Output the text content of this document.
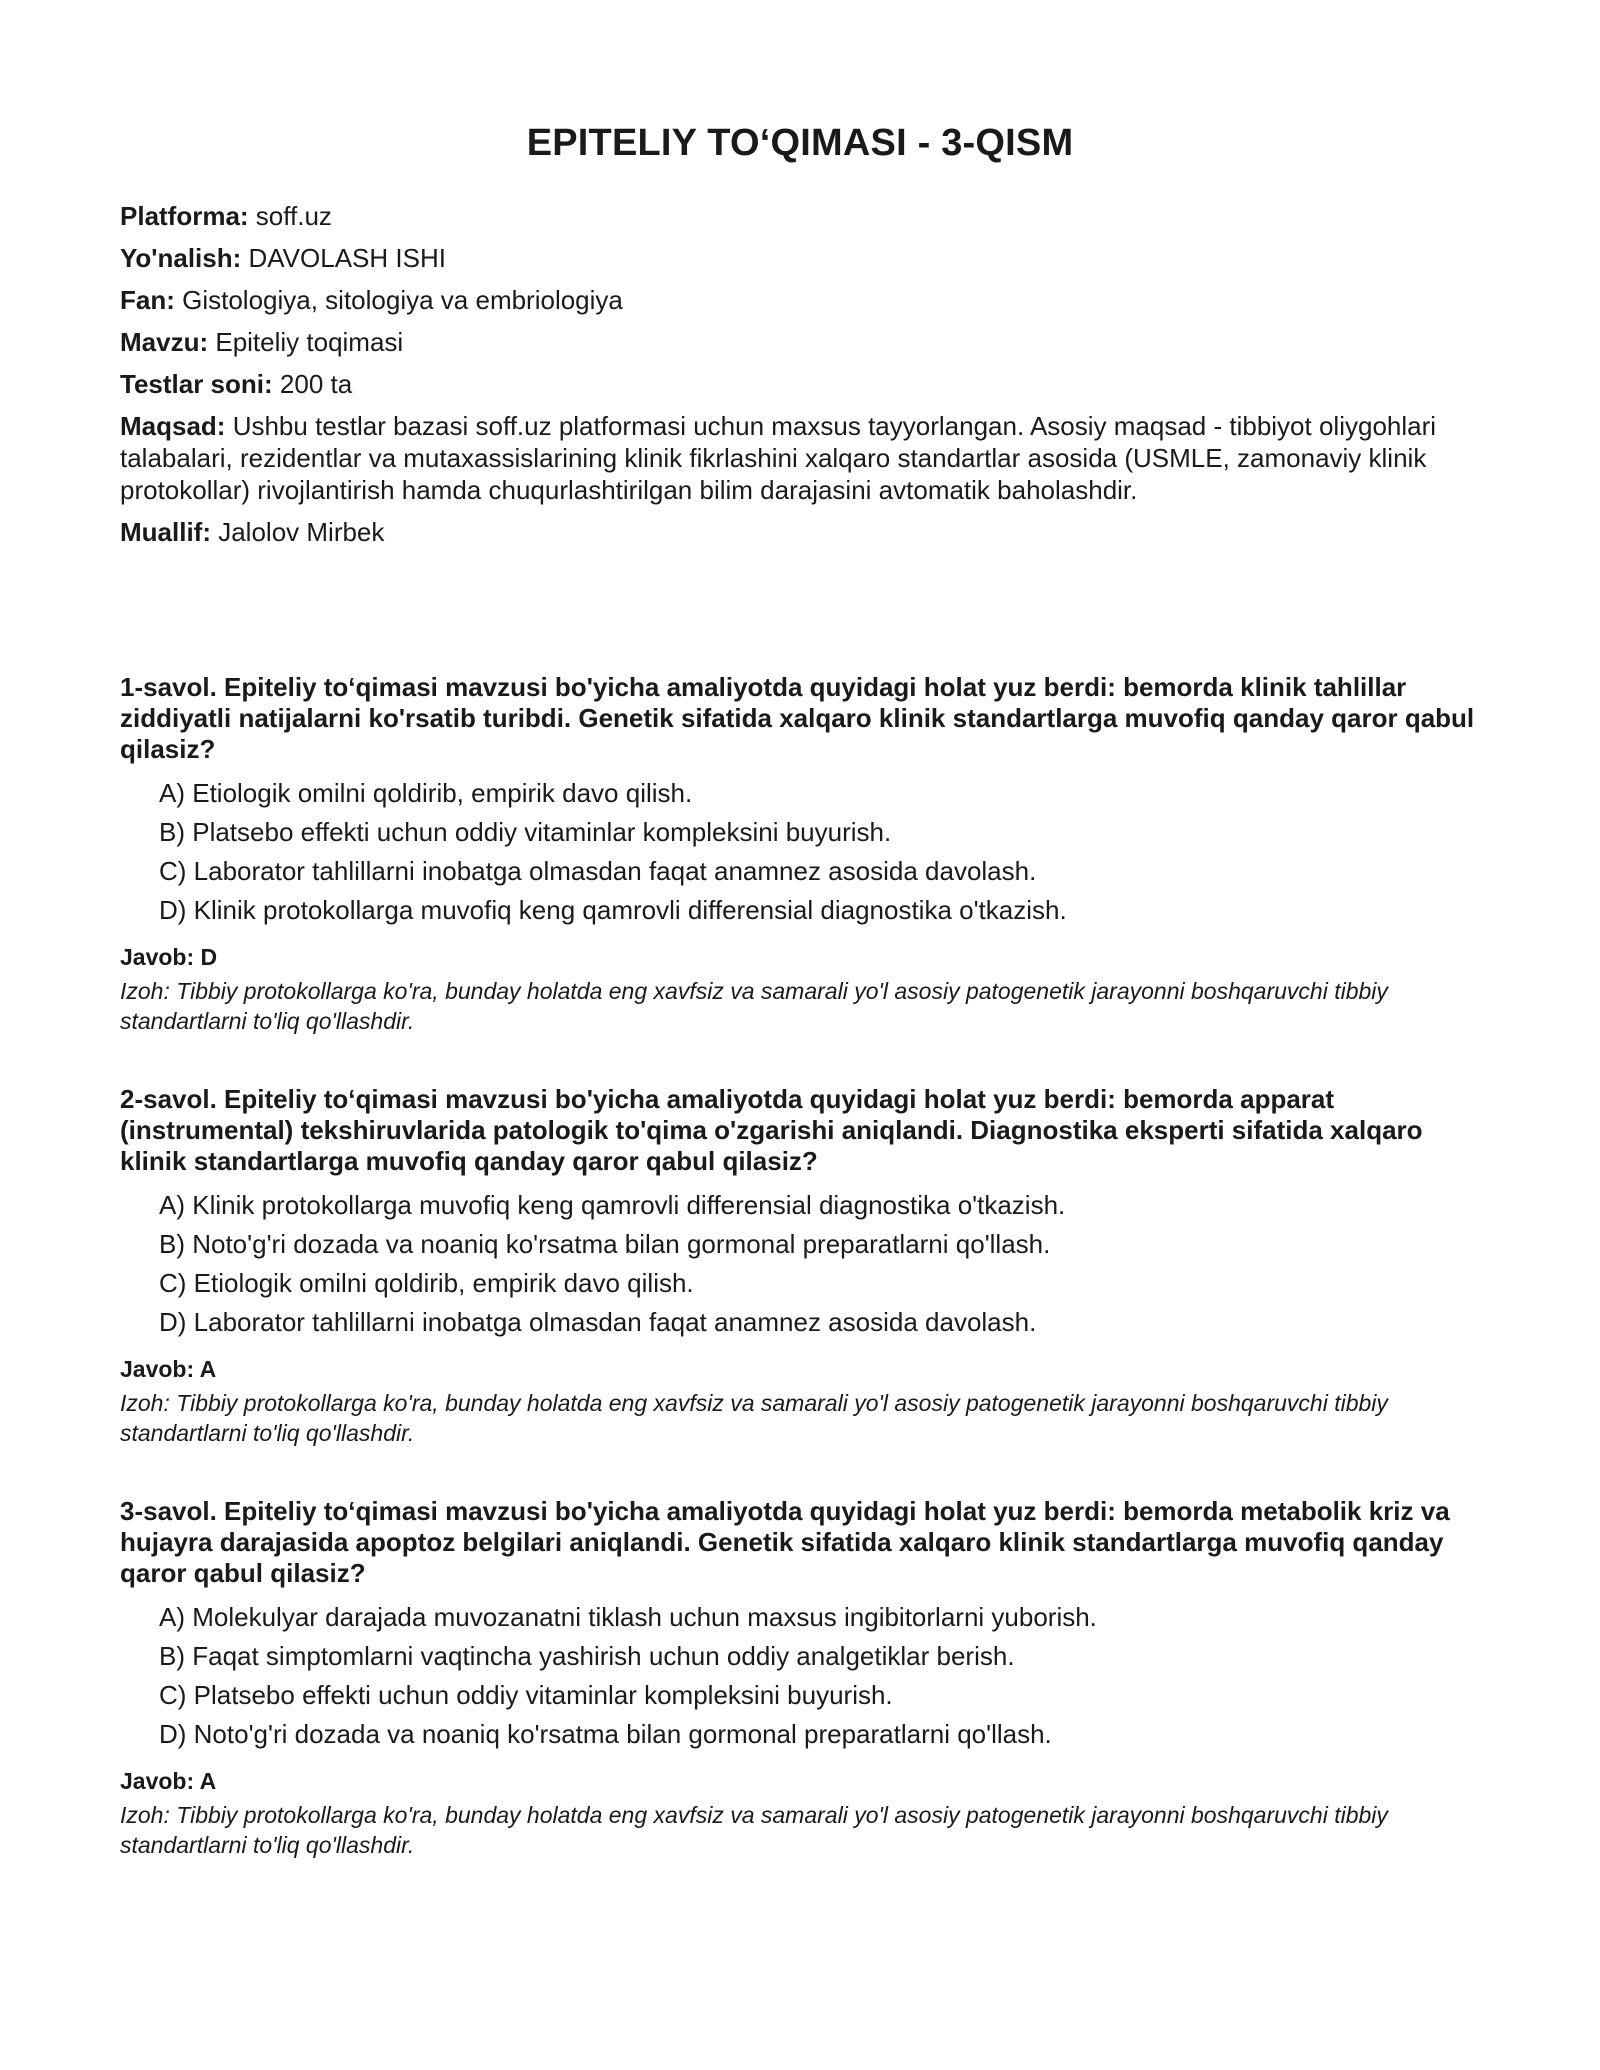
EPITELIY TO‘QIMASI - 3-QISM

Platforma: soff.uz

Yo'nalish: DAVOLASH ISHI

Fan: Gistologiya, sitologiya va embriologiya

Mavzu: Epiteliy toqimasi

Testlar soni: 200 ta

Maqsad: Ushbu testlar bazasi soff.uz platformasi uchun maxsus tayyorlangan. Asosiy maqsad - tibbiyot oliygohlari talabalari, rezidentlar va mutaxassislarining klinik fikrlashini xalqaro standartlar asosida (USMLE, zamonaviy klinik protokollar) rivojlantirish hamda chuqurlashtirilgan bilim darajasini avtomatik baholashdir.

Muallif: Jalolov Mirbek

1-savol. Epiteliy to‘qimasi mavzusi bo'yicha amaliyotda quyidagi holat yuz berdi: bemorda klinik tahlillar ziddiyatli natijalarni ko'rsatib turibdi. Genetik sifatida xalqaro klinik standartlarga muvofiq qanday qaror qabul qilasiz?

A) Etiologik omilni qoldirib, empirik davo qilish.
B) Platsebo effekti uchun oddiy vitaminlar kompleksini buyurish.
C) Laborator tahlillarni inobatga olmasdan faqat anamnez asosida davolash.
D) Klinik protokollarga muvofiq keng qamrovli differensial diagnostika o'tkazish.

Javob: D

Izoh: Tibbiy protokollarga ko'ra, bunday holatda eng xavfsiz va samarali yo'l asosiy patogenetik jarayonni boshqaruvchi tibbiy standartlarni to'liq qo'llashdir.

2-savol. Epiteliy to‘qimasi mavzusi bo'yicha amaliyotda quyidagi holat yuz berdi: bemorda apparat (instrumental) tekshiruvlarida patologik to'qima o'zgarishi aniqlandi. Diagnostika eksperti sifatida xalqaro klinik standartlarga muvofiq qanday qaror qabul qilasiz?

A) Klinik protokollarga muvofiq keng qamrovli differensial diagnostika o'tkazish.
B) Noto'g'ri dozada va noaniq ko'rsatma bilan gormonal preparatlarni qo'llash.
C) Etiologik omilni qoldirib, empirik davo qilish.
D) Laborator tahlillarni inobatga olmasdan faqat anamnez asosida davolash.

Javob: A

Izoh: Tibbiy protokollarga ko'ra, bunday holatda eng xavfsiz va samarali yo'l asosiy patogenetik jarayonni boshqaruvchi tibbiy standartlarni to'liq qo'llashdir.

3-savol. Epiteliy to‘qimasi mavzusi bo'yicha amaliyotda quyidagi holat yuz berdi: bemorda metabolik kriz va hujayra darajasida apoptoz belgilari aniqlandi. Genetik sifatida xalqaro klinik standartlarga muvofiq qanday qaror qabul qilasiz?

A) Molekulyar darajada muvozanatni tiklash uchun maxsus ingibitorlarni yuborish.
B) Faqat simptomlarni vaqtincha yashirish uchun oddiy analgetiklar berish.
C) Platsebo effekti uchun oddiy vitaminlar kompleksini buyurish.
D) Noto'g'ri dozada va noaniq ko'rsatma bilan gormonal preparatlarni qo'llash.

Javob: A

Izoh: Tibbiy protokollarga ko'ra, bunday holatda eng xavfsiz va samarali yo'l asosiy patogenetik jarayonni boshqaruvchi tibbiy standartlarni to'liq qo'llashdir.
